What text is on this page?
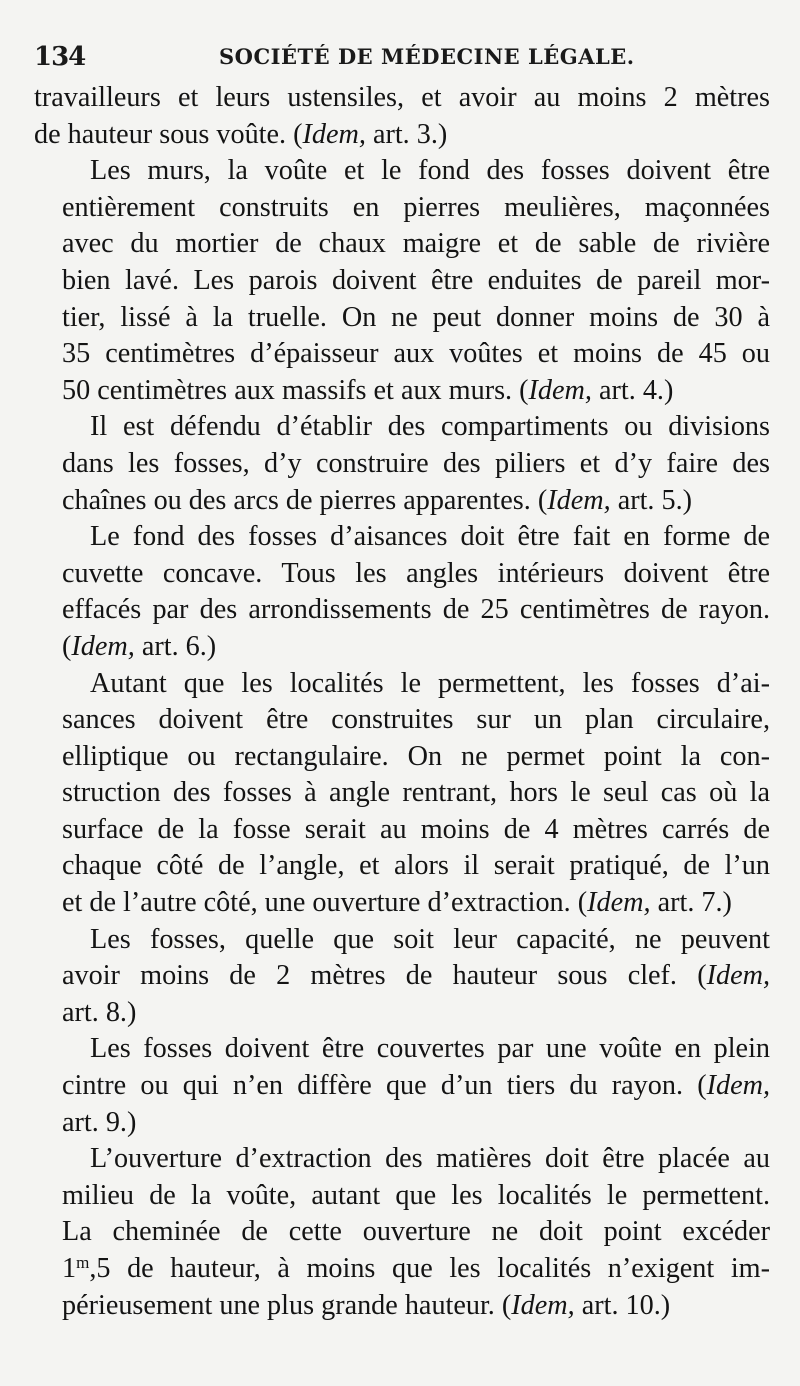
134	SOCIÉTÉ DE MÉDECINE LÉGALE.
travailleurs et leurs ustensiles, et avoir au moins 2 mètres
de hauteur sous voûte. (Idem, art. 3.)
Les murs, la voûte et le fond des fosses doivent être
entièrement construits en pierres meulières, maçonnées
avec du mortier de chaux maigre et de sable de rivière
bien lavé. Les parois doivent être enduites de pareil mor-
tier, lissé à la truelle. On ne peut donner moins de 30 à
35 centimètres d’épaisseur aux voûtes et moins de 45 ou
50 centimètres aux massifs et aux murs. (Idem, art. 4.)
Il est défendu d’établir des compartiments ou divisions
dans les fosses, d’y construire des piliers et d’y faire des
chaînes ou des arcs de pierres apparentes. (Idem, art. 5.)
Le fond des fosses d’aisances doit être fait en forme de
cuvette concave. Tous les angles intérieurs doivent être
effacés par des arrondissements de 25 centimètres de rayon.
(Idem, art. 6.)
Autant que les localités le permettent, les fosses d’ai-
sances doivent être construites sur un plan circulaire,
elliptique ou rectangulaire. On ne permet point la con-
struction des fosses à angle rentrant, hors le seul cas où la
surface de la fosse serait au moins de 4 mètres carrés de
chaque côté de l’angle, et alors il serait pratiqué, de l’un
et de l’autre côté, une ouverture d’extraction. (Idem, art. 7.)
Les fosses, quelle que soit leur capacité, ne peuvent
avoir moins de 2 mètres de hauteur sous clef. (Idem,
art. 8.)
Les fosses doivent être couvertes par une voûte en plein
cintre ou qui n’en diffère que d’un tiers du rayon. (Idem,
art. 9.)
L’ouverture d’extraction des matières doit être placée au
milieu de la voûte, autant que les localités le permettent.
La cheminée de cette ouverture ne doit point excéder
1$^m$,5 de hauteur, à moins que les localités n’exigent im-
périeusement une plus grande hauteur. (Idem, art. 10.)
